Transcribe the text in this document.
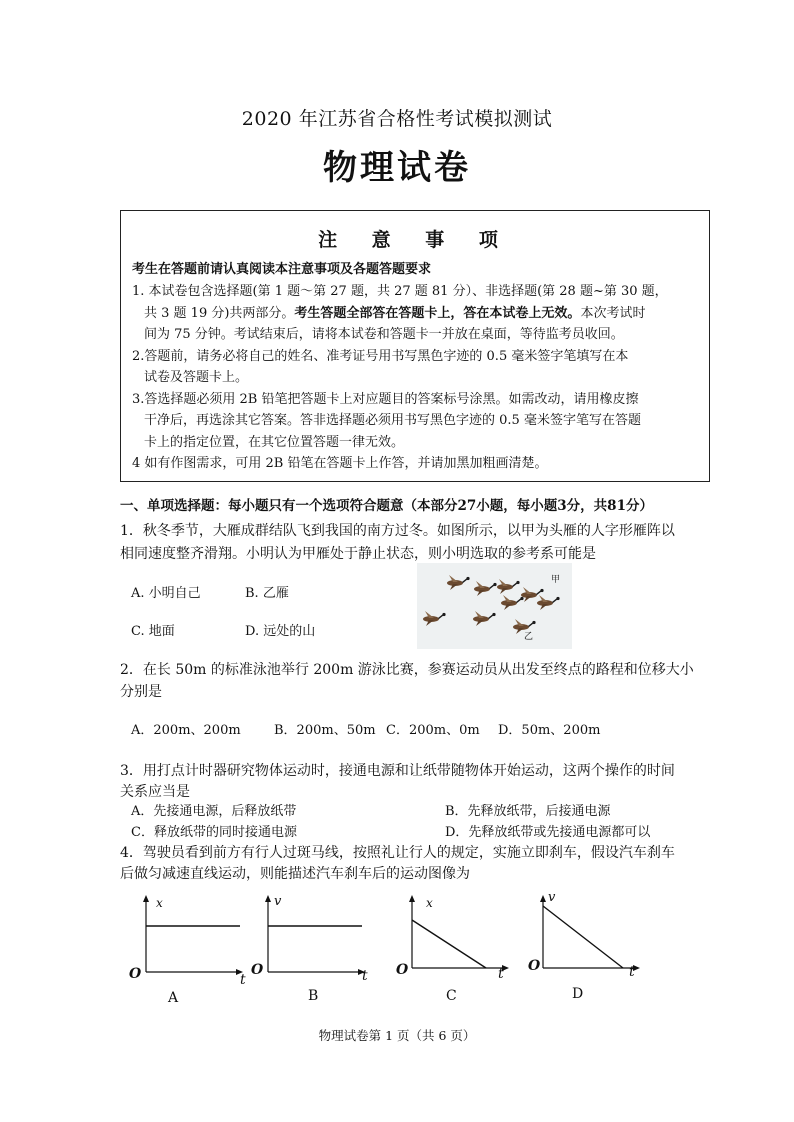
2020 年江苏省合格性考试模拟测试
物理试卷
注 意 事 项
考生在答题前请认真阅读本注意事项及各题答题要求
1. 本试卷包含选择题(第 1 题～第 27 题，共 27 题 81 分）、非选择题(第 28 题~第 30 题，
共 3 题 19 分)共两部分。考生答题全部答在答题卡上，答在本试卷上无效。本次考试时
间为 75 分钟。考试结束后，请将本试卷和答题卡一并放在桌面，等待监考员收回。
2.答题前，请务必将自己的姓名、准考证号用书写黑色字迹的 0.5 毫米签字笔填写在本
试卷及答题卡上。
3.答选择题必须用 2B 铅笔把答题卡上对应题目的答案标号涂黑。如需改动，请用橡皮擦
干净后，再选涂其它答案。答非选择题必须用书写黑色字迹的 0.5 毫米签字笔写在答题
卡上的指定位置，在其它位置答题一律无效。
4 如有作图需求，可用 2B 铅笔在答题卡上作答，并请加黑加粗画清楚。
一、单项选择题：每小题只有一个选项符合题意（本部分27小题，每小题3分，共81分）
1．秋冬季节，大雁成群结队飞到我国的南方过冬。如图所示，以甲为头雁的人字形雁阵以
相同速度整齐滑翔。小明认为甲雁处于静止状态，则小明选取的参考系可能是
A. 小明自己	B. 乙雁
C. 地面	D. 远处的山
甲
乙
2．在长 50m 的标准泳池举行 200m 游泳比赛，参赛运动员从出发至终点的路程和位移大小
分别是
A．200m、200m	B．200m、50m C．200m、0m D．50m、200m
3．用打点计时器研究物体运动时，接通电源和让纸带随物体开始运动，这两个操作的时间
关系应当是
A．先接通电源，后释放纸带	B．先释放纸带，后接通电源
C．释放纸带的同时接通电源	D．先释放纸带或先接通电源都可以
4．驾驶员看到前方有行人过斑马线，按照礼让行人的规定，实施立即刹车，假设汽车刹车
后做匀减速直线运动，则能描述汽车刹车后的运动图像为
x
O	t
A
v
O	t
B
x
O	t
C
v
O	t
D
物理试卷第 1 页（共 6 页）
